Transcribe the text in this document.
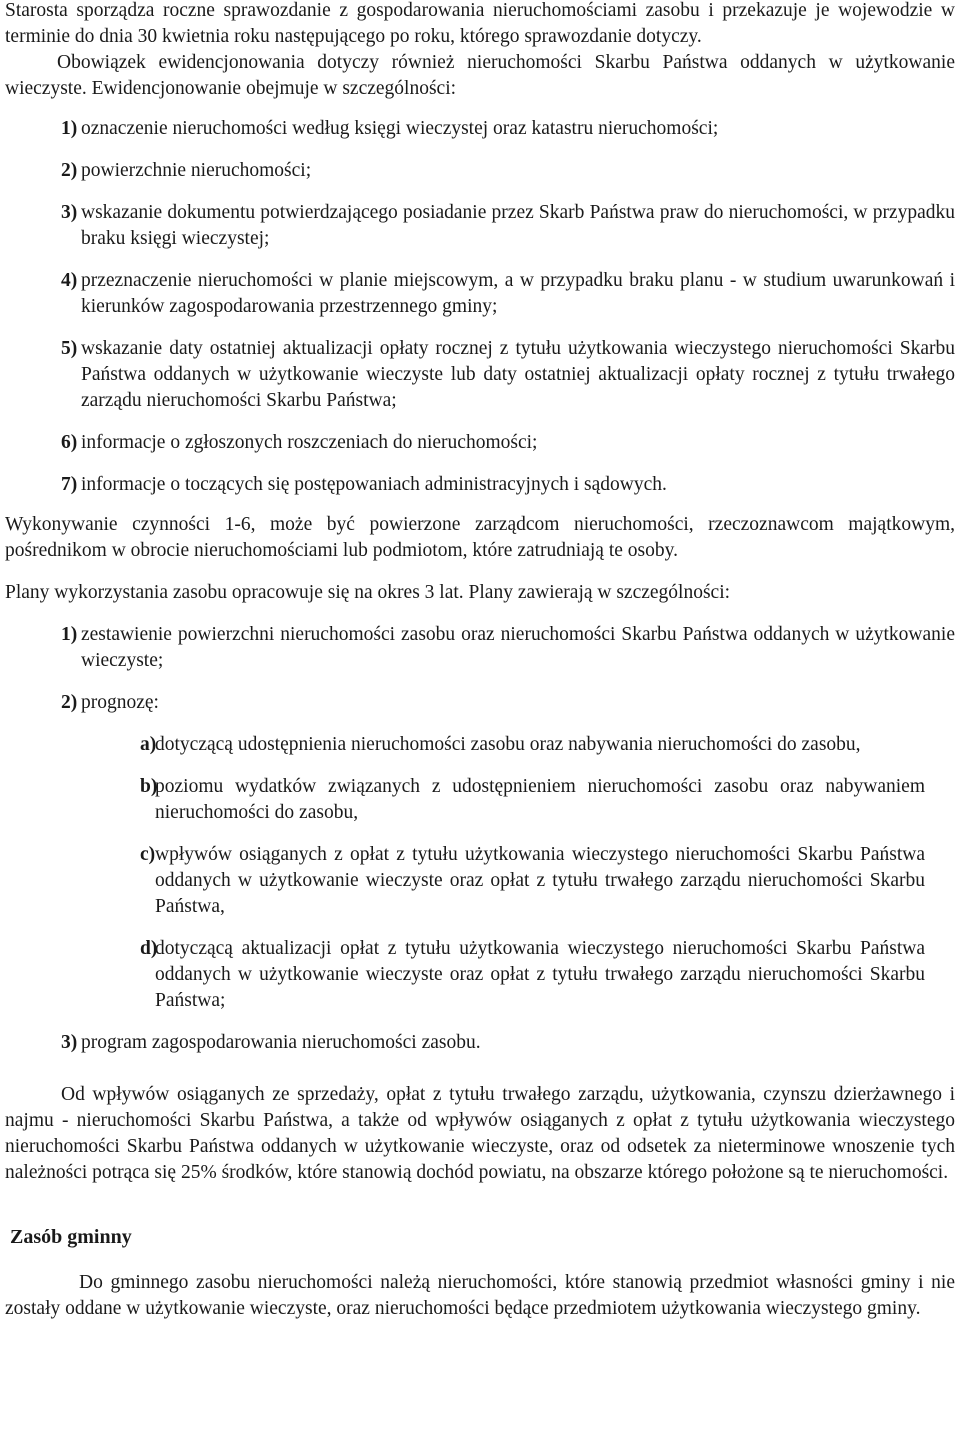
Starosta sporządza roczne sprawozdanie z gospodarowania nieruchomościami zasobu i przekazuje je wojewodzie w terminie do dnia 30 kwietnia roku następującego po roku, którego sprawozdanie dotyczy.

Obowiązek ewidencjonowania dotyczy również nieruchomości Skarbu Państwa oddanych w użytkowanie wieczyste. Ewidencjonowanie obejmuje w szczególności:

1) oznaczenie nieruchomości według księgi wieczystej oraz katastru nieruchomości;
2) powierzchnie nieruchomości;
3) wskazanie dokumentu potwierdzającego posiadanie przez Skarb Państwa praw do nieruchomości, w przypadku braku księgi wieczystej;
4) przeznaczenie nieruchomości w planie miejscowym, a w przypadku braku planu - w studium uwarunkowań i kierunków zagospodarowania przestrzennego gminy;
5) wskazanie daty ostatniej aktualizacji opłaty rocznej z tytułu użytkowania wieczystego nieruchomości Skarbu Państwa oddanych w użytkowanie wieczyste lub daty ostatniej aktualizacji opłaty rocznej z tytułu trwałego zarządu nieruchomości Skarbu Państwa;
6) informacje o zgłoszonych roszczeniach do nieruchomości;
7) informacje o toczących się postępowaniach administracyjnych i sądowych.

Wykonywanie czynności 1-6, może być powierzone zarządcom nieruchomości, rzeczoznawcom majątkowym, pośrednikom w obrocie nieruchomościami lub podmiotom, które zatrudniają te osoby.

Plany wykorzystania zasobu opracowuje się na okres 3 lat. Plany zawierają w szczególności:

1) zestawienie powierzchni nieruchomości zasobu oraz nieruchomości Skarbu Państwa oddanych w użytkowanie wieczyste;
2) prognozę:
a)
dotyczącą udostępnienia nieruchomości zasobu oraz nabywania nieruchomości do zasobu,
b)
poziomu wydatków związanych z udostępnieniem nieruchomości zasobu oraz nabywaniem nieruchomości do zasobu,
c) wpływów osiąganych z opłat z tytułu użytkowania wieczystego nieruchomości Skarbu Państwa oddanych w użytkowanie wieczyste oraz opłat z tytułu trwałego zarządu nieruchomości Skarbu Państwa,
d)
dotyczącą aktualizacji opłat z tytułu użytkowania wieczystego nieruchomości Skarbu Państwa oddanych w użytkowanie wieczyste oraz opłat z tytułu trwałego zarządu nieruchomości Skarbu Państwa;
3) program zagospodarowania nieruchomości zasobu.

Od wpływów osiąganych ze sprzedaży, opłat z tytułu trwałego zarządu, użytkowania, czynszu dzierżawnego i najmu - nieruchomości Skarbu Państwa, a także od wpływów osiąganych z opłat z tytułu użytkowania wieczystego nieruchomości Skarbu Państwa oddanych w użytkowanie wieczyste, oraz od odsetek za nieterminowe wnoszenie tych należności potrąca się 25% środków, które stanowią dochód powiatu, na obszarze którego położone są te nieruchomości.

Zasób gminny

Do gminnego zasobu nieruchomości należą nieruchomości, które stanowią przedmiot własności gminy i nie zostały oddane w użytkowanie wieczyste, oraz nieruchomości będące przedmiotem użytkowania wieczystego gminy.
